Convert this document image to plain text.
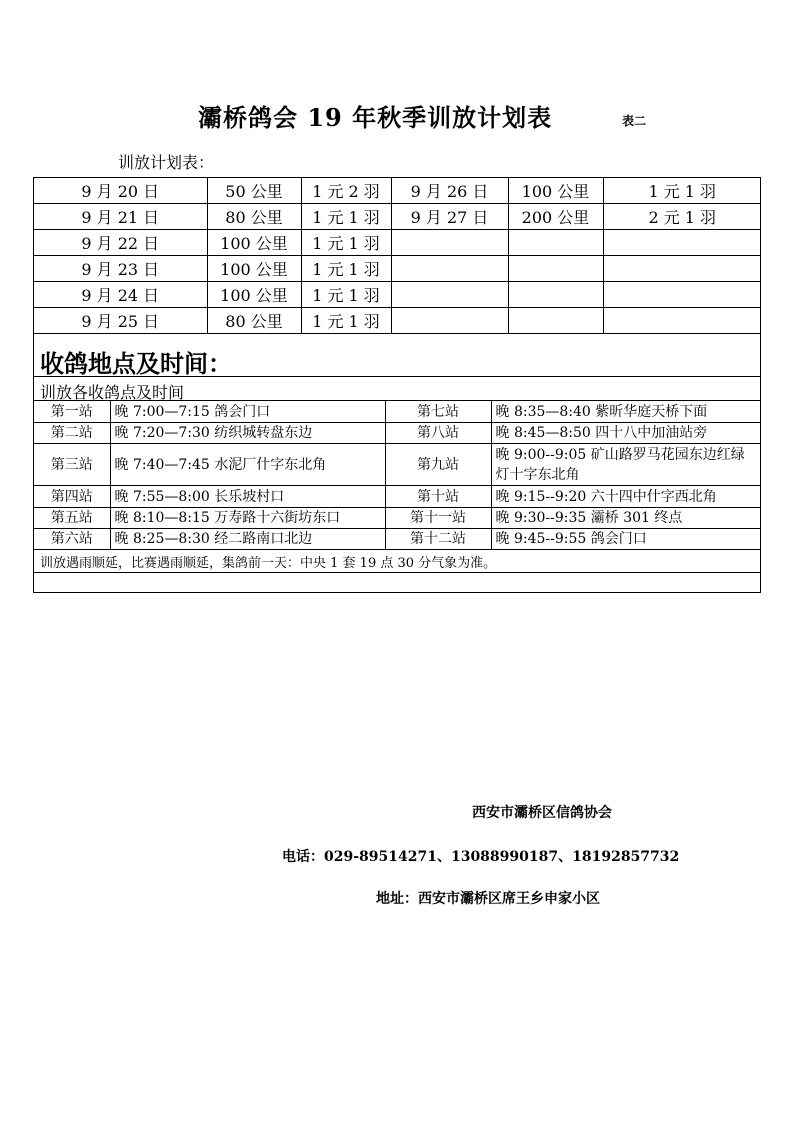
灞桥鸽会 19 年秋季训放计划表	表二
训放计划表：
9 月 20 日	50 公里	1 元 2 羽	9 月 26 日	100 公里	1 元 1 羽
9 月 21 日	80 公里	1 元 1 羽	9 月 27 日	200 公里	2 元 1 羽
9 月 22 日	100 公里	1 元 1 羽			
9 月 23 日	100 公里	1 元 1 羽			
9 月 24 日	100 公里	1 元 1 羽			
9 月 25 日	80 公里	1 元 1 羽			
收鸽地点及时间：
训放各收鸽点及时间
第一站	晚 7:00—7:15 鸽会门口	第七站	晚 8:35—8:40 紫昕华庭天桥下面
第二站	晚 7:20—7:30 纺织城转盘东边	第八站	晚 8:45—8:50 四十八中加油站旁
第三站	晚 7:40—7:45 水泥厂什字东北角	第九站	晚 9:00--9:05 矿山路罗马花园东边红绿灯十字东北角
第四站	晚 7:55—8:00 长乐坡村口	第十站	晚 9:15--9:20 六十四中什字西北角
第五站	晚 8:10—8:15 万寿路十六街坊东口	第十一站	晚 9:30--9:35 灞桥 301 终点
第六站	晚 8:25—8:30 经二路南口北边	第十二站	晚 9:45--9:55 鸽会门口
训放遇雨顺延，比赛遇雨顺延，集鸽前一天：中央 1 套 19 点 30 分气象为准。
西安市灞桥区信鸽协会
电话：029-89514271、13088990187、18192857732
地址：西安市灞桥区席王乡申家小区
